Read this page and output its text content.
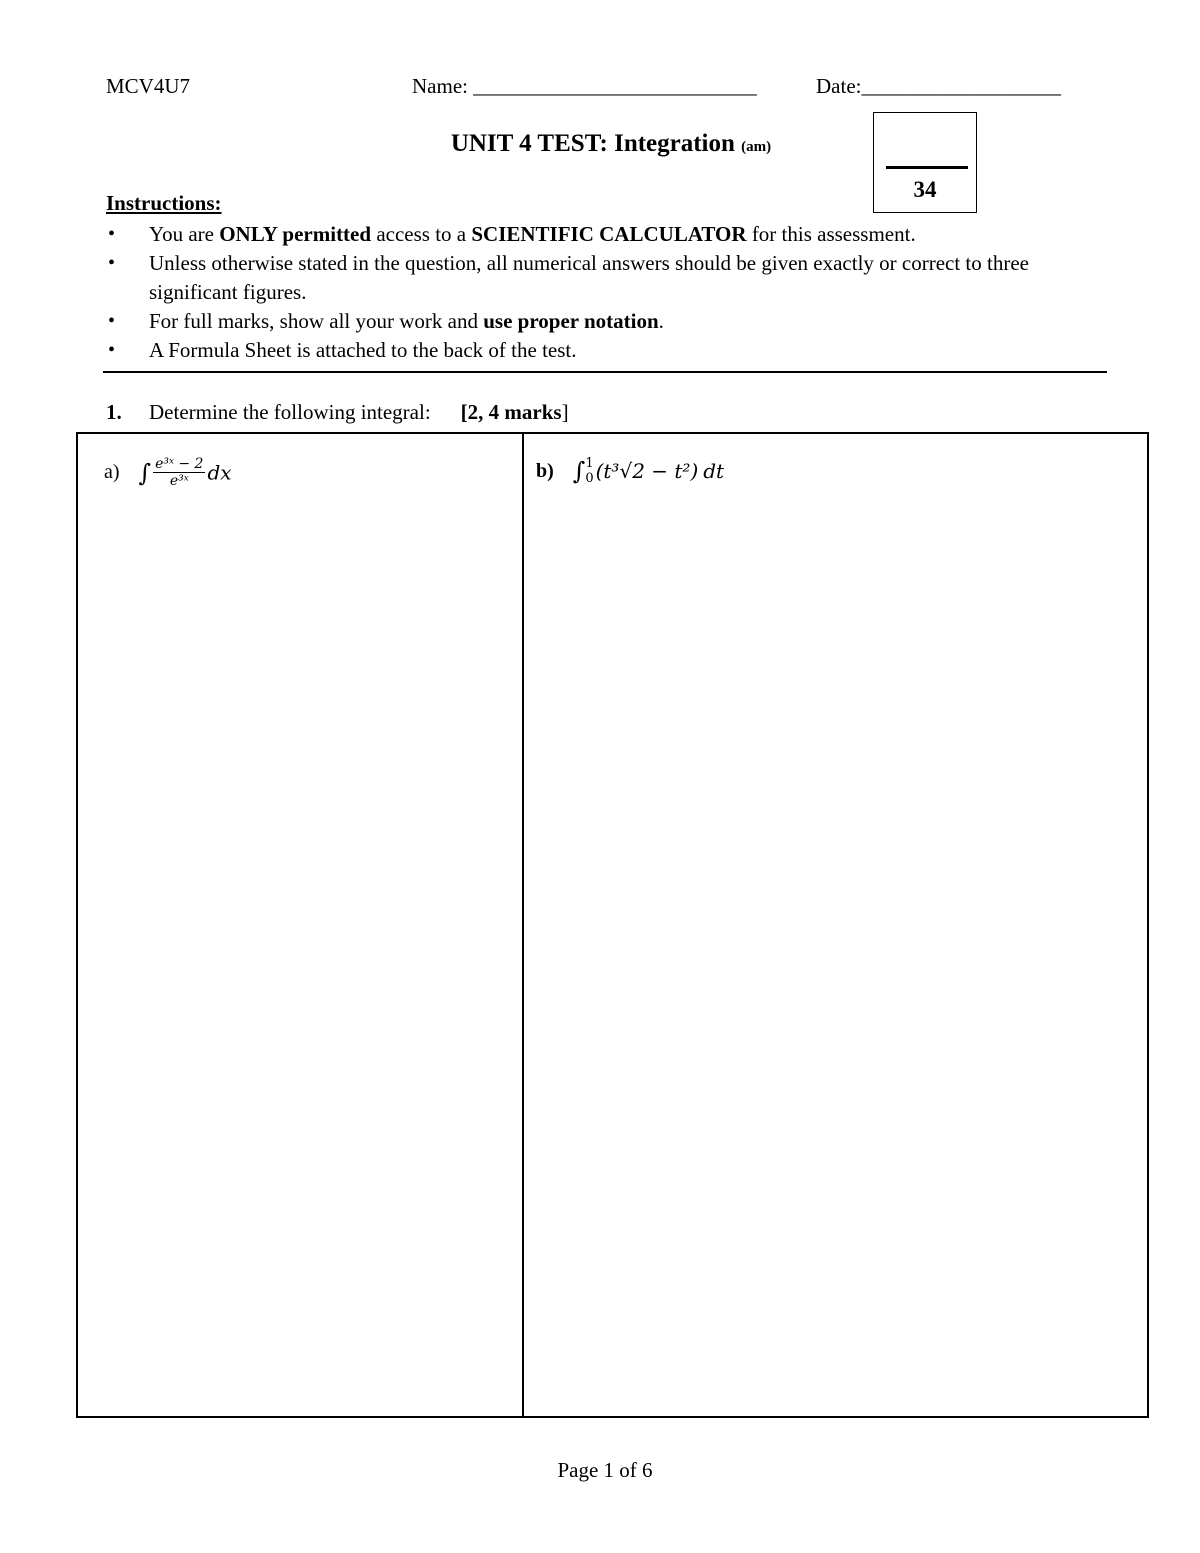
MCV4U7	Name: ___________________________	Date:___________________
UNIT 4 TEST: Integration (am)
34
Instructions:
• You are ONLY permitted access to a SCIENTIFIC CALCULATOR for this assessment.
• Unless otherwise stated in the question, all numerical answers should be given exactly or correct to three significant figures.
• For full marks, show all your work and use proper notation.
• A Formula Sheet is attached to the back of the test.
1. Determine the following integral: [2, 4 marks]
a) ∫ $\frac{\text{e³ˣ − 2}}{\text{e³ˣ}}$ dx	b) ∫ 1
0 (t³√2 − t²) dt
Page 1 of 6
